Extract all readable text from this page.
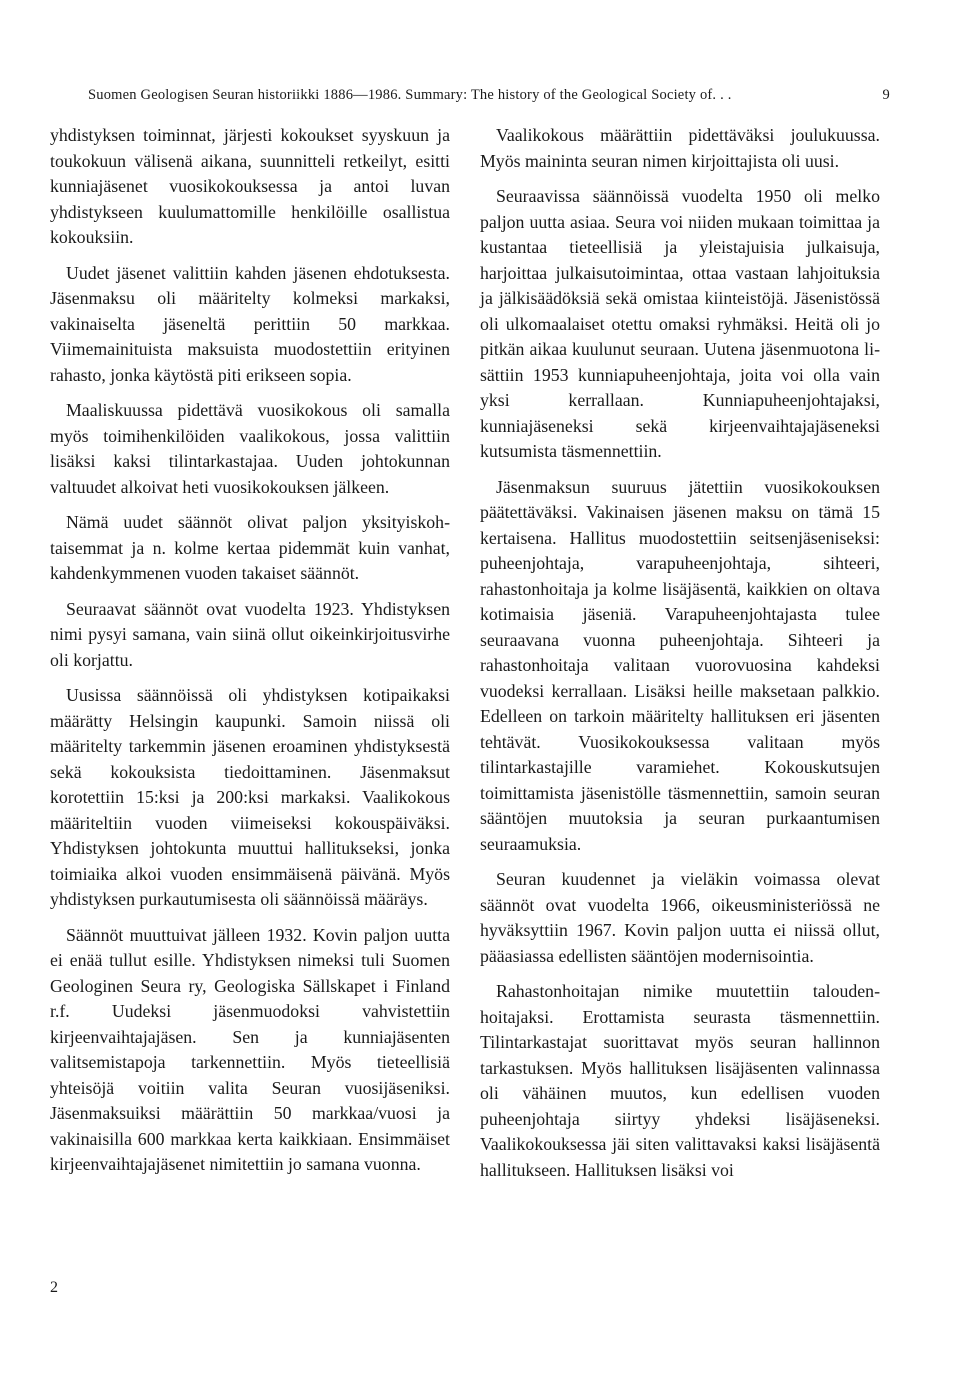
Suomen Geologisen Seuran historiikki 1886—1986. Summary: The history of the Geological Society of. . .	9

yhdistyksen toiminnat, järjesti kokoukset syyskuun ja toukokuun välisenä aikana, suunnitteli retkeilyt, esitti kunniajäsenet vuosikokouksessa ja antoi luvan yhdistykseen kuulumattomille henkilöille osallistua kokouksiin.

Uudet jäsenet valittiin kahden jäsenen ehdotuksesta. Jäsenmaksu oli määritelty kolmeksi markaksi, vakinaiselta jäseneltä perittiin 50 markkaa. Viimemainituista maksuista muodostettiin erityinen rahasto, jonka käytöstä piti erikseen sopia.

Maaliskuussa pidettävä vuosikokous oli samalla myös toimihenkilöiden vaalikokous, jossa valittiin lisäksi kaksi tilintarkastajaa. Uuden johtokunnan valtuudet alkoivat heti vuosikokouksen jälkeen.

Nämä uudet säännöt olivat paljon yksityiskohtaisemmat ja n. kolme kertaa pidemmät kuin vanhat, kahdenkymmenen vuoden takaiset säännöt.

Seuraavat säännöt ovat vuodelta 1923. Yhdistyksen nimi pysyi samana, vain siinä ollut oikeinkirjoitusvirhe oli korjattu.

Uusissa säännöissä oli yhdistyksen kotipaikaksi määrätty Helsingin kaupunki. Samoin niissä oli määritelty tarkemmin jäsenen eroaminen yhdistyksestä sekä kokouksista tiedoittaminen. Jäsenmaksut korotettiin 15:ksi ja 200:ksi markaksi. Vaalikokous määriteltiin vuoden viimeiseksi kokouspäiväksi. Yhdistyksen johtokunta muuttui hallitukseksi, jonka toimiaika alkoi vuoden ensimmäisenä päivänä. Myös yhdistyksen purkautumisesta oli säännöissä määräys.

Säännöt muuttuivat jälleen 1932. Kovin paljon uutta ei enää tullut esille. Yhdistyksen nimeksi tuli Suomen Geologinen Seura ry, Geologiska Sällskapet i Finland r.f. Uudeksi jäsenmuodoksi vahvistettiin kirjeenvaihtajajäsen. Sen ja kunniajäsenten valitsemistapoja tarkennettiin. Myös tieteellisiä yhteisöjä voitiin valita Seuran vuosijäseniksi. Jäsenmaksuiksi määrättiin 50 markkaa/vuosi ja vakinaisilla 600 markkaa kerta kaikkiaan. Ensimmäiset kirjeenvaihtajajäsenet nimitettiin jo samana vuonna.

Vaalikokous määrättiin pidettäväksi joulukuussa. Myös maininta seuran nimen kirjoittajista oli uusi.

Seuraavissa säännöissä vuodelta 1950 oli melko paljon uutta asiaa. Seura voi niiden mukaan toimittaa ja kustantaa tieteellisiä ja yleistajuisia julkaisuja, harjoittaa julkaisutoimintaa, ottaa vastaan lahjoituksia ja jälkisäädöksiä sekä omistaa kiinteistöjä. Jäsenistössä oli ulkomaalaiset otettu omaksi ryhmäksi. Heitä oli jo pitkän aikaa kuulunut seuraan. Uutena jäsenmuotona lisättiin 1953 kunniapuheenjohtaja, joita voi olla vain yksi kerrallaan. Kunniapuheenjohtajaksi, kunniajäseneksi sekä kirjeenvaihtajajäseneksi kutsumista täsmennettiin.

Jäsenmaksun suuruus jätettiin vuosikokouksen päätettäväksi. Vakinaisen jäsenen maksu on tämä 15 kertaisena. Hallitus muodostettiin seitsenjäseniseksi: puheenjohtaja, varapuheenjohtaja, sihteeri, rahastonhoitaja ja kolme lisäjäsentä, kaikkien on oltava kotimaisia jäseniä. Varapuheenjohtajasta tulee seuraavana vuonna puheenjohtaja. Sihteeri ja rahastonhoitaja valitaan vuorovuosina kahdeksi vuodeksi kerrallaan. Lisäksi heille maksetaan palkkio. Edelleen on tarkoin määritelty hallituksen eri jäsenten tehtävät. Vuosikokouksessa valitaan myös tilintarkastajille varamiehet. Kokouskutsujen toimittamista jäsenistölle täsmennettiin, samoin seuran sääntöjen muutoksia ja seuran purkaantumisen seuraamuksia.

Seuran kuudennet ja vieläkin voimassa olevat säännöt ovat vuodelta 1966, oikeusministeriössä ne hyväksyttiin 1967. Kovin paljon uutta ei niissä ollut, pääasiassa edellisten sääntöjen modernisointia.

Rahastonhoitajan nimike muutettiin taloudenhoitajaksi. Erottamista seurasta täsmennettiin. Tilintarkastajat suorittavat myös seuran hallinnon tarkastuksen. Myös hallituksen lisäjäsenten valinnassa oli vähäinen muutos, kun edellisen vuoden puheenjohtaja siirtyy yhdeksi lisäjäseneksi. Vaalikokouksessa jäi siten valittavaksi kaksi lisäjäsentä hallitukseen. Hallituksen lisäksi voi

2
